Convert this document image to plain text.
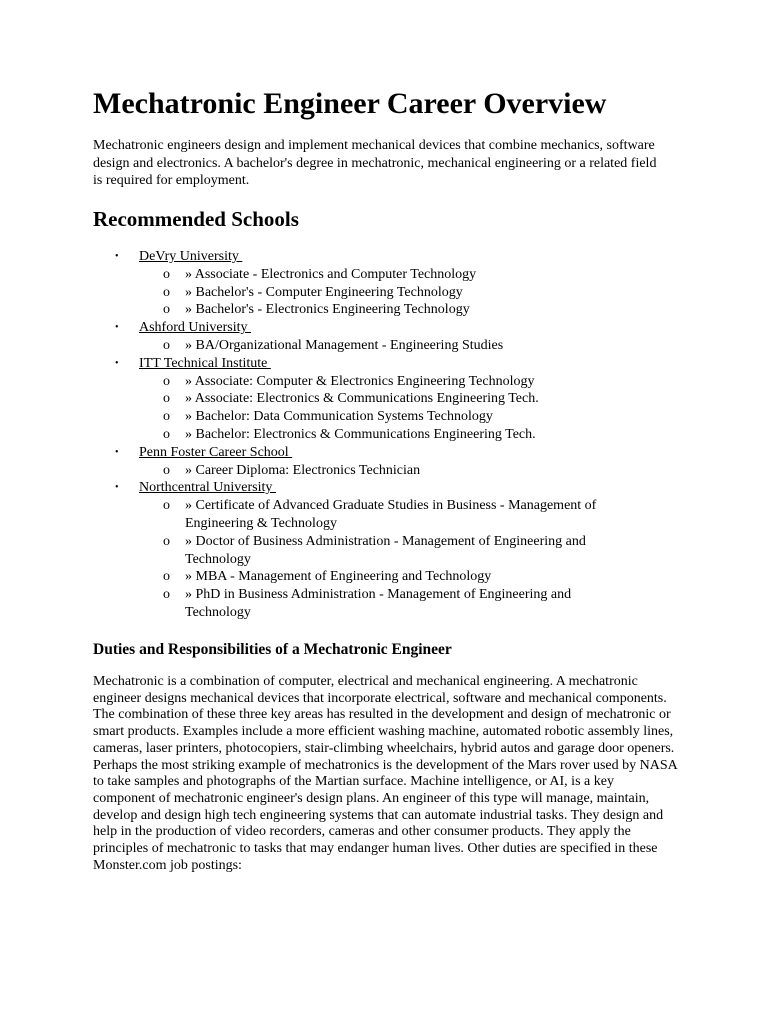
Mechatronic Engineer Career Overview

Mechatronic engineers design and implement mechanical devices that combine mechanics, software design and electronics. A bachelor's degree in mechatronic, mechanical engineering or a related field is required for employment.

Recommended Schools
• DeVry University
o » Associate - Electronics and Computer Technology
o » Bachelor's - Computer Engineering Technology
o » Bachelor's - Electronics Engineering Technology
• Ashford University
o » BA/Organizational Management - Engineering Studies
• ITT Technical Institute
o » Associate: Computer & Electronics Engineering Technology
o » Associate: Electronics & Communications Engineering Tech.
o » Bachelor: Data Communication Systems Technology
o » Bachelor: Electronics & Communications Engineering Tech.
• Penn Foster Career School
o » Career Diploma: Electronics Technician
• Northcentral University
o » Certificate of Advanced Graduate Studies in Business - Management of Engineering & Technology
o » Doctor of Business Administration - Management of Engineering and Technology
o » MBA - Management of Engineering and Technology
o » PhD in Business Administration - Management of Engineering and Technology
Duties and Responsibilities of a Mechatronic Engineer

Mechatronic is a combination of computer, electrical and mechanical engineering. A mechatronic engineer designs mechanical devices that incorporate electrical, software and mechanical components. The combination of these three key areas has resulted in the development and design of mechatronic or smart products. Examples include a more efficient washing machine, automated robotic assembly lines, cameras, laser printers, photocopiers, stair-climbing wheelchairs, hybrid autos and garage door openers. Perhaps the most striking example of mechatronics is the development of the Mars rover used by NASA to take samples and photographs of the Martian surface. Machine intelligence, or AI, is a key component of mechatronic engineer's design plans. An engineer of this type will manage, maintain, develop and design high tech engineering systems that can automate industrial tasks. They design and help in the production of video recorders, cameras and other consumer products. They apply the principles of mechatronic to tasks that may endanger human lives. Other duties are specified in these Monster.com job postings:
